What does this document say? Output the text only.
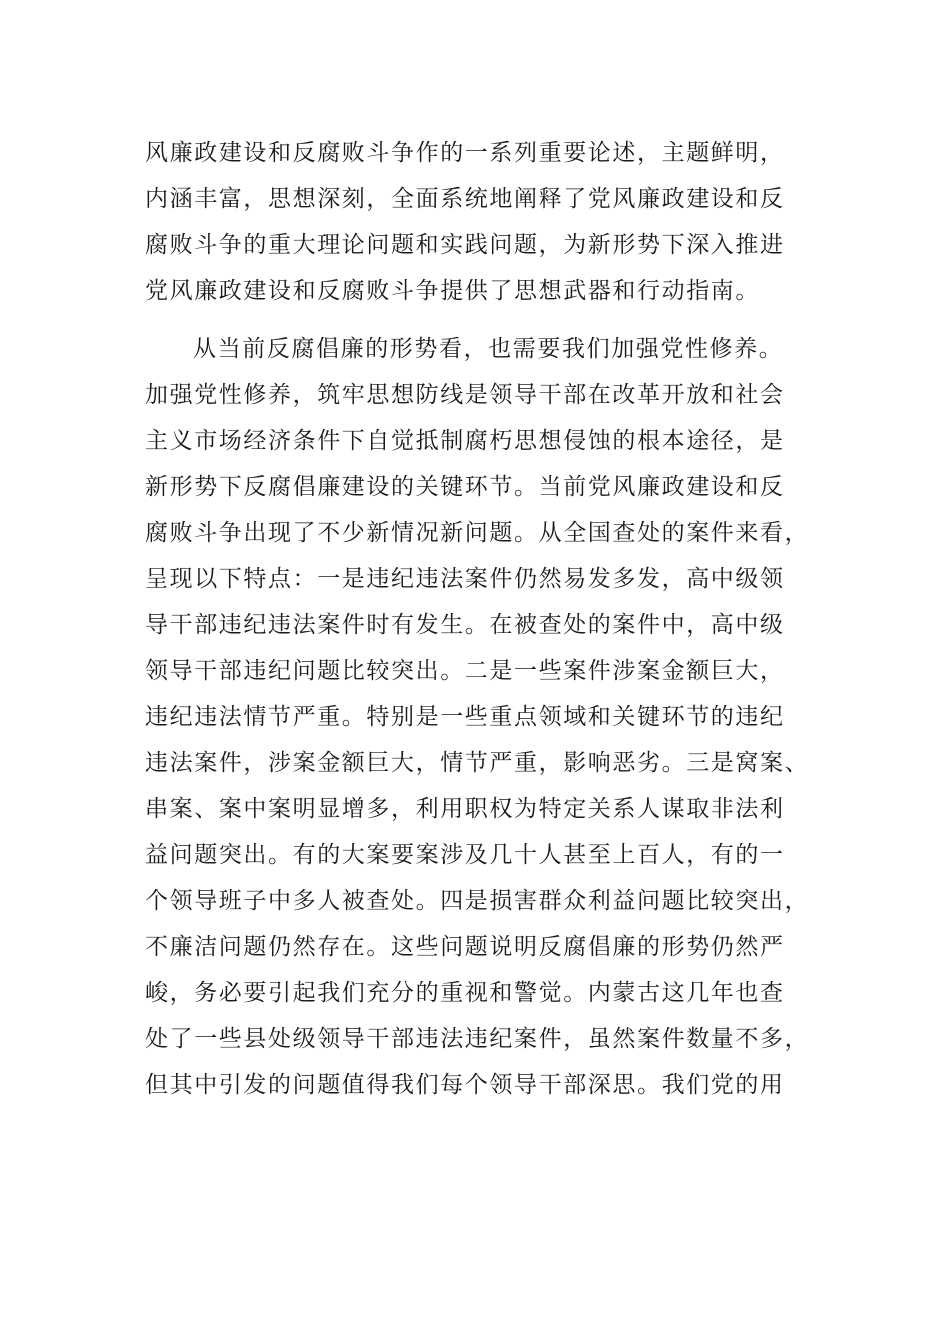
风廉政建设和反腐败斗争作的一系列重要论述，主题鲜明，
内涵丰富，思想深刻，全面系统地阐释了党风廉政建设和反
腐败斗争的重大理论问题和实践问题，为新形势下深入推进
党风廉政建设和反腐败斗争提供了思想武器和行动指南。
从当前反腐倡廉的形势看，也需要我们加强党性修养。
加强党性修养，筑牢思想防线是领导干部在改革开放和社会
主义市场经济条件下自觉抵制腐朽思想侵蚀的根本途径，是
新形势下反腐倡廉建设的关键环节。当前党风廉政建设和反
腐败斗争出现了不少新情况新问题。从全国查处的案件来看，
呈现以下特点：一是违纪违法案件仍然易发多发，高中级领
导干部违纪违法案件时有发生。在被查处的案件中，高中级
领导干部违纪问题比较突出。二是一些案件涉案金额巨大，
违纪违法情节严重。特别是一些重点领域和关键环节的违纪
违法案件，涉案金额巨大，情节严重，影响恶劣。三是窝案、
串案、案中案明显增多，利用职权为特定关系人谋取非法利
益问题突出。有的大案要案涉及几十人甚至上百人，有的一
个领导班子中多人被查处。四是损害群众利益问题比较突出，
不廉洁问题仍然存在。这些问题说明反腐倡廉的形势仍然严
峻，务必要引起我们充分的重视和警觉。内蒙古这几年也查
处了一些县处级领导干部违法违纪案件，虽然案件数量不多，
但其中引发的问题值得我们每个领导干部深思。我们党的用
